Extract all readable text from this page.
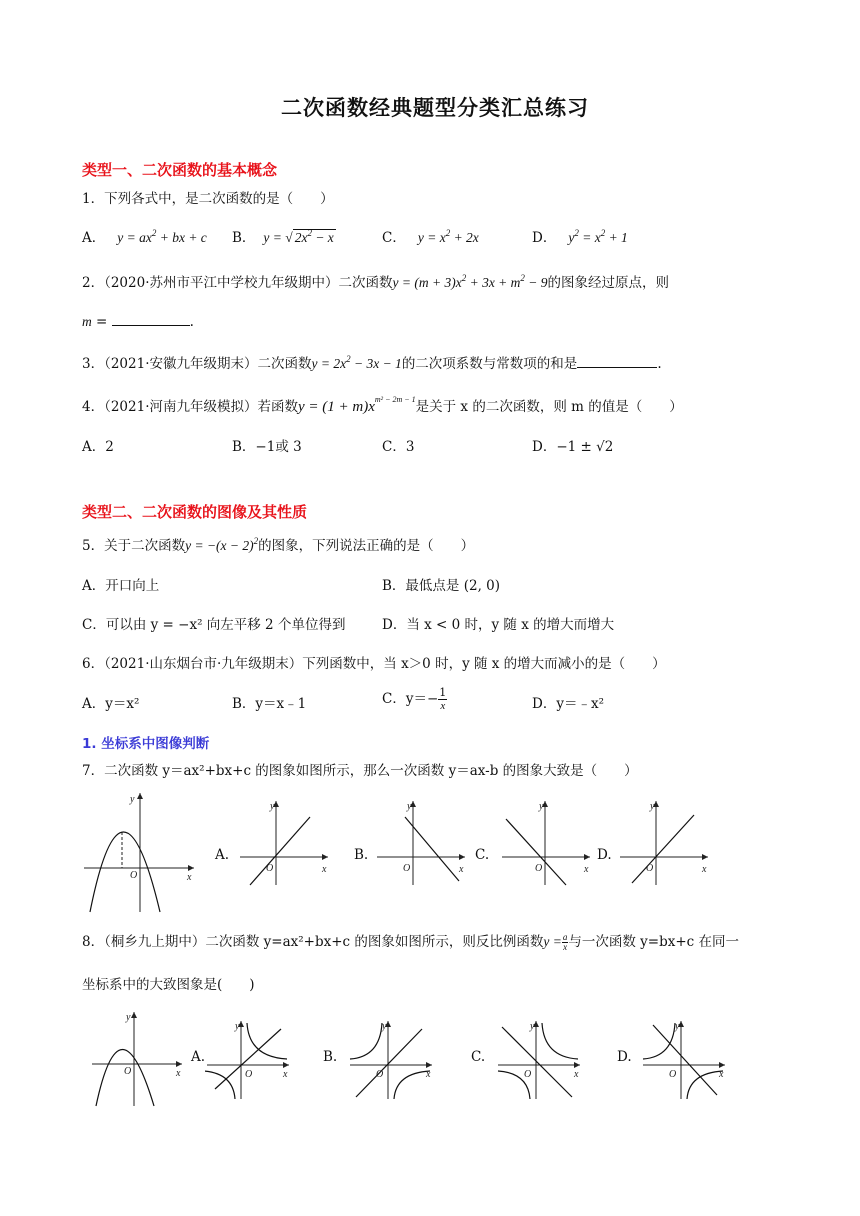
二次函数经典题型分类汇总练习
类型一、二次函数的基本概念
1．下列各式中，是二次函数的是（　　）
A． $y = ax^2$ + bx + c B． y = √ $2x^2 - x$	C． $y = x^2 + 2x$	D． $y^2 = x^2 + 1$
2．（2020·苏州市平江中学校九年级期中）二次函数$y = (m + 3)x^2 + 3x + m^2 - 9$的图象经过原点，则
m =	.
3．（2021·安徽九年级期末）二次函数$y = 2x^2 - 3x - 1$的二次项系数与常数项的和是	.
4．（2021·河南九年级模拟）若函数$y = (1 + m)x^{m^2 - 2m - 1}$是关于 x 的二次函数，则 m 的值是（　　）
A．2	B．−1或 3	C．3	D．−1 ± √2
类型二、二次函数的图像及其性质
5．关于二次函数$y = -(x - 2)^2$的图象，下列说法正确的是（　　）
A．开口向上	B．最低点是 (2, 0)
C．可以由 y = −x² 向左平移 2 个单位得到	D．当 x < 0 时，y 随 x 的增大而增大
6．（2021·山东烟台市·九年级期末）下列函数中，当 x＞0 时，y 随 x 的增大而减小的是（　　）
A．y＝x²	B．y＝x﹣1	C．$y=- \frac{1}{x}$	D．y＝﹣x²
1. 坐标系中图像判断
7．二次函数 y＝ax²+bx+c 的图象如图所示，那么一次函数 y＝ax-b 的图象大致是（　　）
y
x
O
A.
y
x
O
B.
y
x
O
C.
y
x
O
D.
y
x
O
8．（桐乡九上期中）二次函数 y=ax²+bx+c 的图象如图所示，则反比例函数$y = \frac{a}{x}$ 与一次函数 y=bx+c 在同一
坐标系中的大致图象是(　　)
y
x
O
A.
y
x
O
B.
y
x
O
C.
y
x
O
D.
y
x
O
